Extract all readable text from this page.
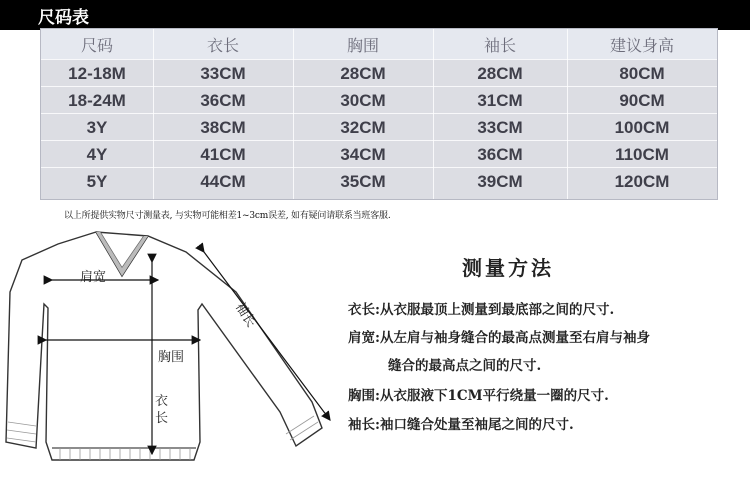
尺码表
尺码	衣长	胸围	袖长	建议身高
12-18M	33CM	28CM	28CM	80CM
18-24M	36CM	30CM	31CM	90CM
3Y	38CM	32CM	33CM	100CM
4Y	41CM	34CM	36CM	110CM
5Y	44CM	35CM	39CM	120CM
以上所提供实物尺寸测量表, 与实物可能相差1~3cm误差, 如有疑问请联系当班客服.
肩宽
胸围
衣
长
袖长
测量方法
衣长:从衣服最顶上测量到最底部之间的尺寸.
肩宽:从左肩与袖身缝合的最高点测量至右肩与袖身
缝合的最高点之间的尺寸.
胸围:从衣服液下1CM平行绕量一圈的尺寸.
袖长:袖口缝合处量至袖尾之间的尺寸.
